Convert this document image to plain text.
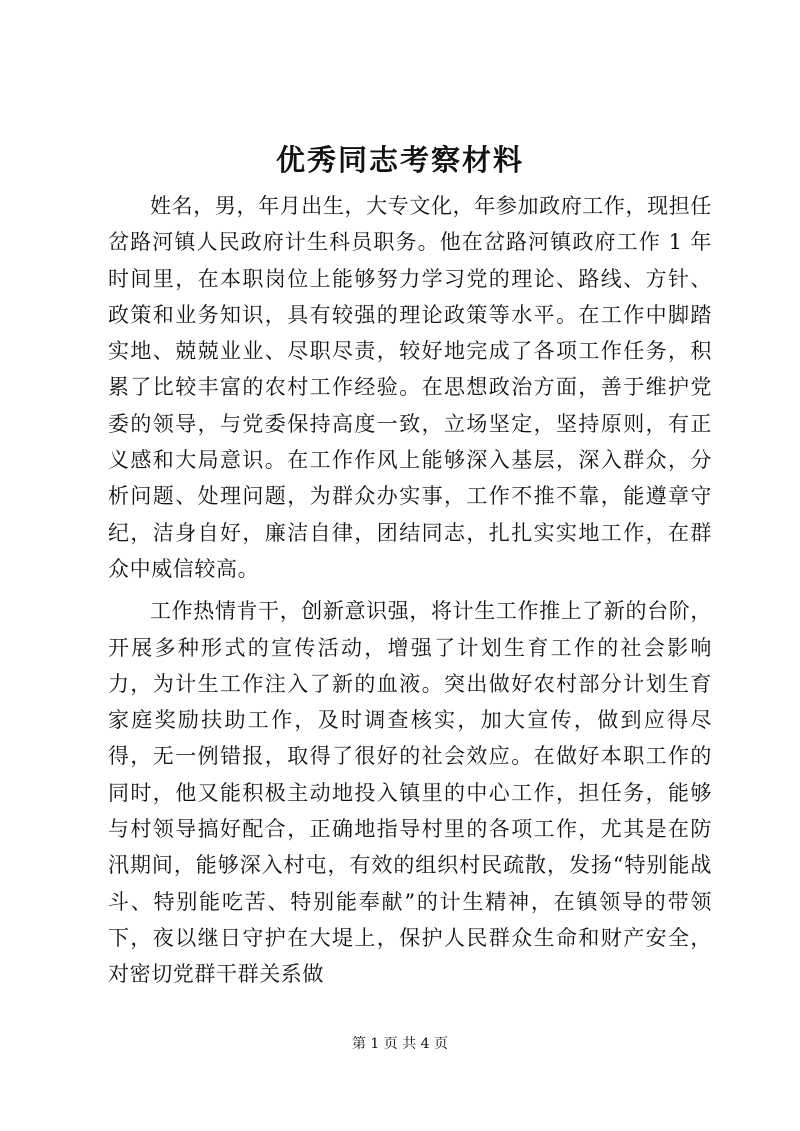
优秀同志考察材料

姓名，男，年月出生，大专文化，年参加政府工作，现担任岔路河镇人民政府计生科员职务。他在岔路河镇政府工作 1 年时间里，在本职岗位上能够努力学习党的理论、路线、方针、政策和业务知识，具有较强的理论政策等水平。在工作中脚踏实地、兢兢业业、尽职尽责，较好地完成了各项工作任务，积累了比较丰富的农村工作经验。在思想政治方面，善于维护党委的领导，与党委保持高度一致，立场坚定，坚持原则，有正义感和大局意识。在工作作风上能够深入基层，深入群众，分析问题、处理问题，为群众办实事，工作不推不靠，能遵章守纪，洁身自好，廉洁自律，团结同志，扎扎实实地工作，在群众中威信较高。

工作热情肯干，创新意识强，将计生工作推上了新的台阶，开展多种形式的宣传活动，增强了计划生育工作的社会影响力，为计生工作注入了新的血液。突出做好农村部分计划生育家庭奖励扶助工作，及时调查核实，加大宣传，做到应得尽得，无一例错报，取得了很好的社会效应。在做好本职工作的同时，他又能积极主动地投入镇里的中心工作，担任务，能够与村领导搞好配合，正确地指导村里的各项工作，尤其是在防汛期间，能够深入村屯，有效的组织村民疏散，发扬“特别能战斗、特别能吃苦、特别能奉献”的计生精神，在镇领导的带领下，夜以继日守护在大堤上，保护人民群众生命和财产安全，对密切党群干群关系做

第 1 页 共 4 页
